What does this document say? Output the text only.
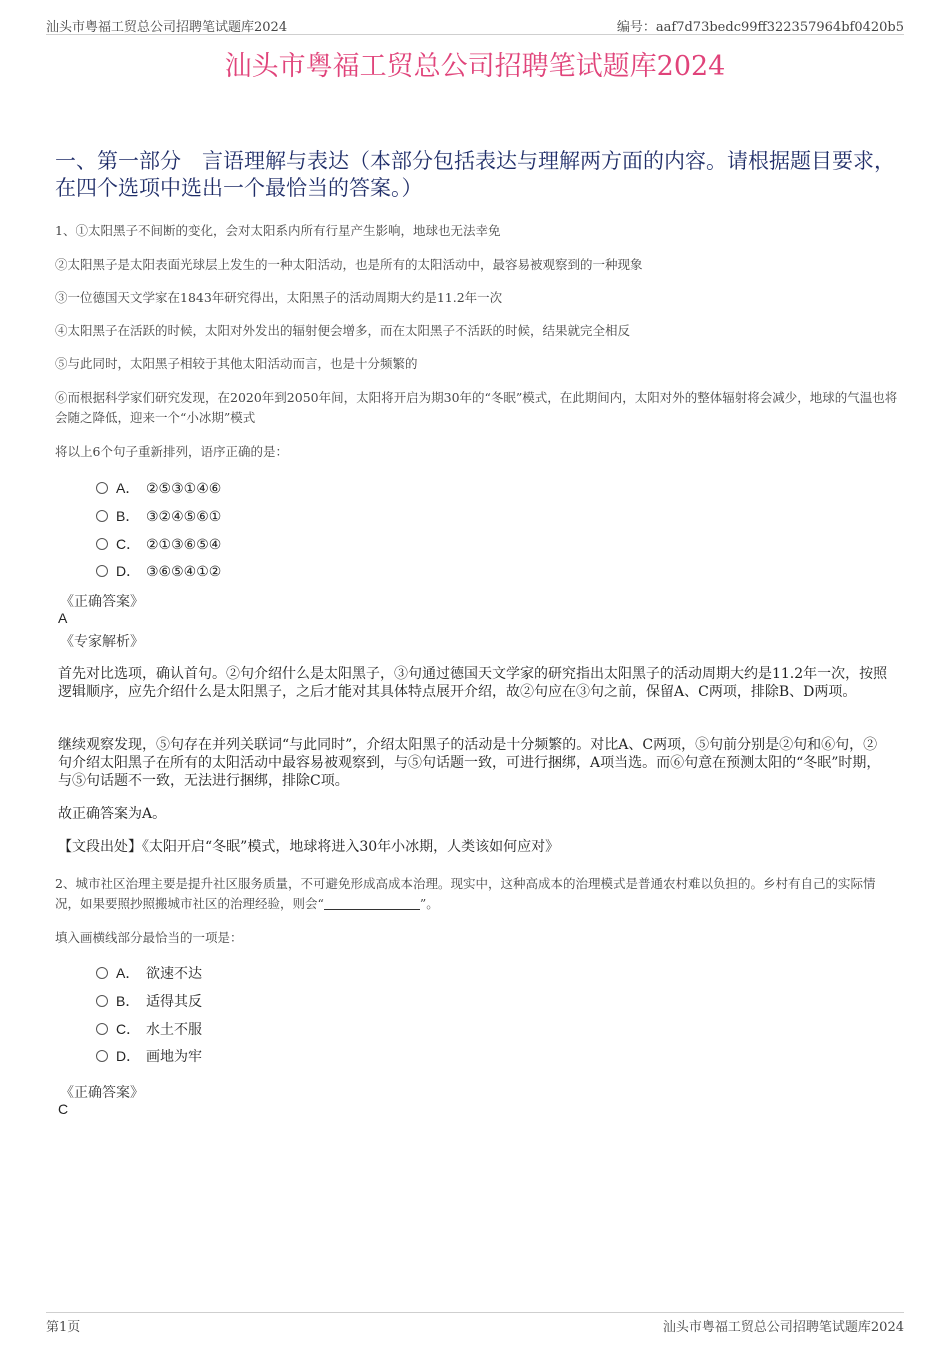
汕头市粤福工贸总公司招聘笔试题库2024	编号：aaf7d73bedc99ff322357964bf0420b5
汕头市粤福工贸总公司招聘笔试题库2024
一、第一部分　言语理解与表达（本部分包括表达与理解两方面的内容。请根据题目要求，在四个选项中选出一个最恰当的答案。）
1、①太阳黑子不间断的变化，会对太阳系内所有行星产生影响，地球也无法幸免
②太阳黑子是太阳表面光球层上发生的一种太阳活动，也是所有的太阳活动中，最容易被观察到的一种现象
③一位德国天文学家在1843年研究得出，太阳黑子的活动周期大约是11.2年一次
④太阳黑子在活跃的时候，太阳对外发出的辐射便会增多，而在太阳黑子不活跃的时候，结果就完全相反
⑤与此同时，太阳黑子相较于其他太阳活动而言，也是十分频繁的
⑥而根据科学家们研究发现，在2020年到2050年间，太阳将开启为期30年的“冬眠”模式，在此期间内，太阳对外的整体辐射将会减少，地球的气温也将会随之降低，迎来一个“小冰期”模式
将以上6个句子重新排列，语序正确的是：
A． ②⑤③①④⑥
B． ③②④⑤⑥①
C． ②①③⑥⑤④
D． ③⑥⑤④①②
《正确答案》
A
《专家解析》
首先对比选项，确认首句。②句介绍什么是太阳黑子，③句通过德国天文学家的研究指出太阳黑子的活动周期大约是11.2年一次，按照逻辑顺序，应先介绍什么是太阳黑子，之后才能对其具体特点展开介绍，故②句应在③句之前，保留A、C两项，排除B、D两项。
继续观察发现，⑤句存在并列关联词“与此同时”，介绍太阳黑子的活动是十分频繁的。对比A、C两项，⑤句前分别是②句和⑥句，②句介绍太阳黑子在所有的太阳活动中最容易被观察到，与⑤句话题一致，可进行捆绑，A项当选。而⑥句意在预测太阳的“冬眠”时期，与⑤句话题不一致，无法进行捆绑，排除C项。
故正确答案为A。
【文段出处】《太阳开启“冬眠”模式，地球将进入30年小冰期，人类该如何应对》
2、城市社区治理主要是提升社区服务质量，不可避免形成高成本治理。现实中，这种高成本的治理模式是普通农村难以负担的。乡村有自己的实际情况，如果要照抄照搬城市社区的治理经验，则会“	”。
填入画横线部分最恰当的一项是：
A． 欲速不达
B． 适得其反
C． 水土不服
D． 画地为牢
《正确答案》
C
第1页	汕头市粤福工贸总公司招聘笔试题库2024
